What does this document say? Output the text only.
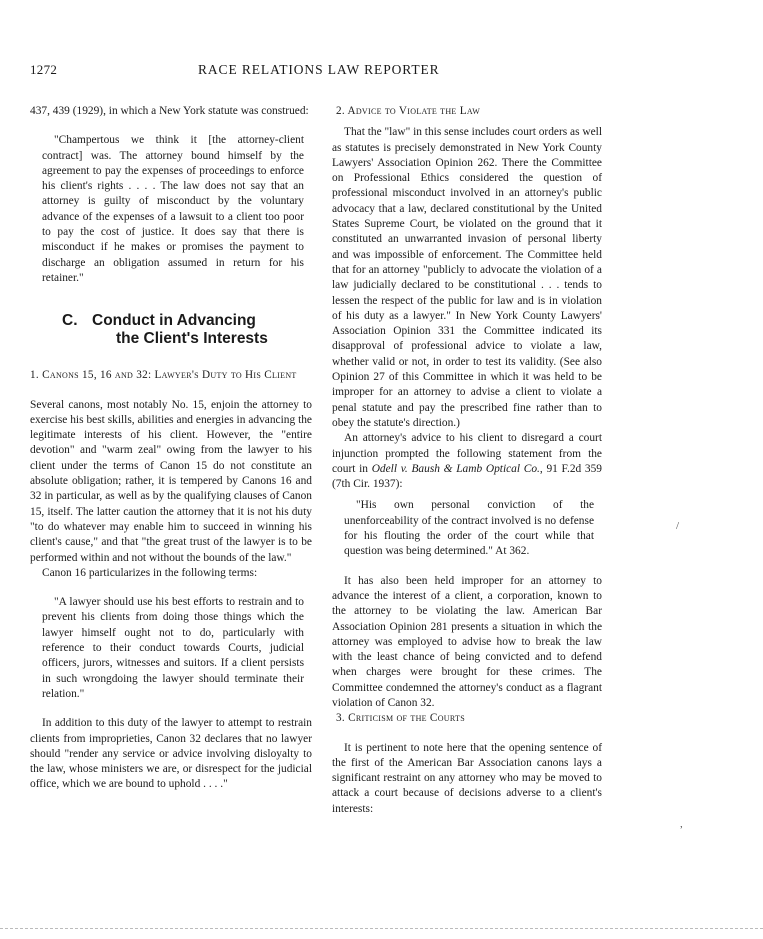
1272	RACE RELATIONS LAW REPORTER

437, 439 (1929), in which a New York statute was construed:

"Champertous we think it [the attorney-client contract] was. The attorney bound himself by the agreement to pay the expenses of proceedings to enforce his client's rights . . . . The law does not say that an attorney is guilty of misconduct by the voluntary advance of the expenses of a lawsuit to a client too poor to pay the cost of justice. It does say that there is misconduct if he makes or promises the payment to discharge an obligation assumed in return for his retainer."

C. Conduct in Advancing
the Client's Interests

1. Canons 15, 16 and 32: Lawyer's Duty to His Client

Several canons, most notably No. 15, enjoin the attorney to exercise his best skills, abilities and energies in advancing the legitimate interests of his client. However, the "entire devotion" and "warm zeal" owing from the lawyer to his client under the terms of Canon 15 do not constitute an absolute obligation; rather, it is tempered by Canons 16 and 32 in particular, as well as by the qualifying clauses of Canon 15, itself. The latter caution the attorney that it is not his duty "to do whatever may enable him to succeed in winning his client's cause," and that "the great trust of the lawyer is to be performed within and not without the bounds of the law."

Canon 16 particularizes in the following terms:

"A lawyer should use his best efforts to restrain and to prevent his clients from doing those things which the lawyer himself ought not to do, particularly with reference to their conduct towards Courts, judicial officers, jurors, witnesses and suitors. If a client persists in such wrongdoing the lawyer should terminate their relation."

In addition to this duty of the lawyer to attempt to restrain clients from improprieties, Canon 32 declares that no lawyer should "render any service or advice involving disloyalty to the law, whose ministers we are, or disrespect for the judicial office, which we are bound to uphold . . . ."

2. Advice to Violate the Law

That the "law" in this sense includes court orders as well as statutes is precisely demonstrated in New York County Lawyers' Association Opinion 262. There the Committee on Professional Ethics considered the question of professional misconduct involved in an attorney's public advocacy that a law, declared constitutional by the United States Supreme Court, be violated on the ground that it constituted an unwarranted invasion of personal liberty and was impossible of enforcement. The Committee held that for an attorney "publicly to advocate the violation of a law judicially declared to be constitutional . . . tends to lessen the respect of the public for law and is in violation of his duty as a lawyer." In New York County Lawyers' Association Opinion 331 the Committee indicated its disapproval of professional advice to violate a law, whether valid or not, in order to test its validity. (See also Opinion 27 of this Committee in which it was held to be improper for an attorney to advise a client to violate a penal statute and pay the prescribed fine rather than to obey the statute's direction.)

An attorney's advice to his client to disregard a court injunction prompted the following statement from the court in Odell v. Baush & Lamb Optical Co., 91 F.2d 359 (7th Cir. 1937):

"His own personal conviction of the unenforceability of the contract involved is no defense for his flouting the order of the court while that question was being determined." At 362.

It has also been held improper for an attorney to advance the interest of a client, a corporation, known to the attorney to be violating the law. American Bar Association Opinion 281 presents a situation in which the attorney was employed to advise how to break the law with the least chance of being convicted and to defend when charges were brought for these crimes. The Committee condemned the attorney's conduct as a flagrant violation of Canon 32.

3. Criticism of the Courts

It is pertinent to note here that the opening sentence of the first of the American Bar Association canons lays a significant restraint on any attorney who may be moved to attack a court because of decisions adverse to a client's interests:

/
,
